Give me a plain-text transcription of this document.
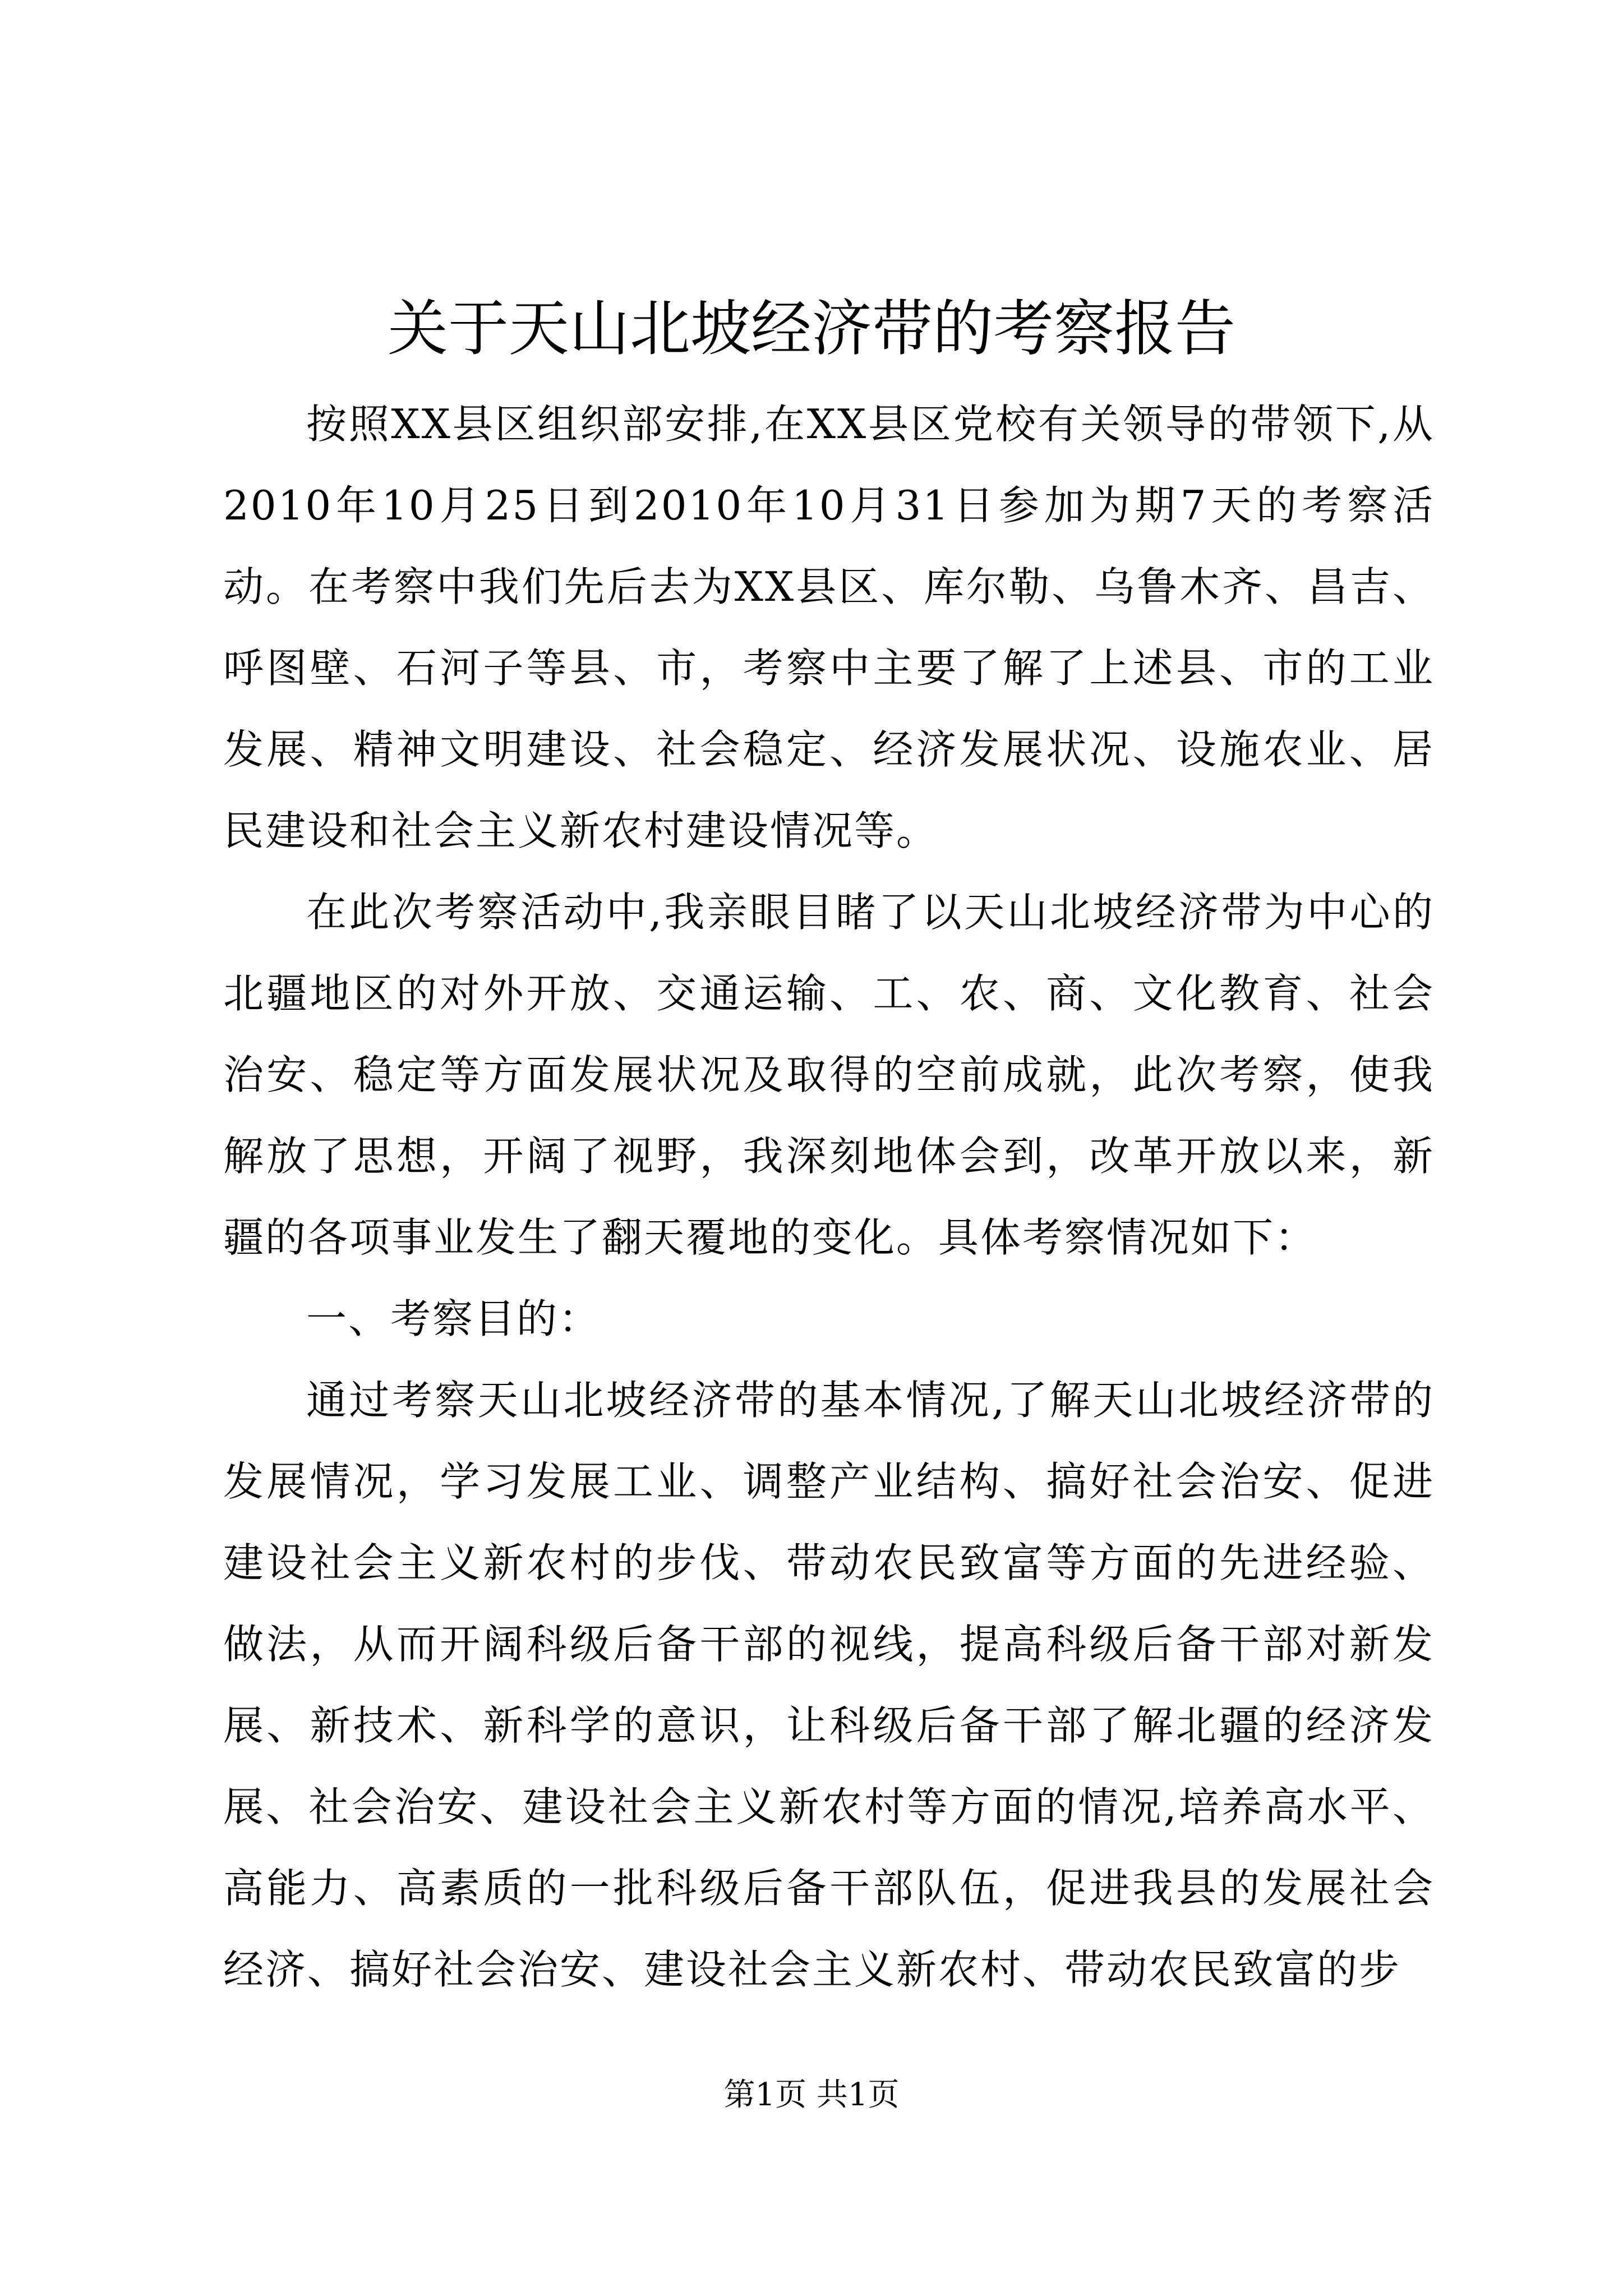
关于天山北坡经济带的考察报告

按照XX县区组织部安排,在XX县区党校有关领导的带领下,从2010年10月25日到2010年10月31日参加为期7天的考察活动。在考察中我们先后去为XX县区、库尔勒、乌鲁木齐、昌吉、呼图壁、石河子等县、市，考察中主要了解了上述县、市的工业发展、精神文明建设、社会稳定、经济发展状况、设施农业、居民建设和社会主义新农村建设情况等。

在此次考察活动中,我亲眼目睹了以天山北坡经济带为中心的北疆地区的对外开放、交通运输、工、农、商、文化教育、社会治安、稳定等方面发展状况及取得的空前成就，此次考察，使我解放了思想，开阔了视野，我深刻地体会到，改革开放以来，新疆的各项事业发生了翻天覆地的变化。具体考察情况如下：

一、考察目的：

通过考察天山北坡经济带的基本情况,了解天山北坡经济带的发展情况，学习发展工业、调整产业结构、搞好社会治安、促进建设社会主义新农村的步伐、带动农民致富等方面的先进经验、做法，从而开阔科级后备干部的视线，提高科级后备干部对新发展、新技术、新科学的意识，让科级后备干部了解北疆的经济发展、社会治安、建设社会主义新农村等方面的情况,培养高水平、高能力、高素质的一批科级后备干部队伍，促进我县的发展社会经济、搞好社会治安、建设社会主义新农村、带动农民致富的步

第1页 共1页
